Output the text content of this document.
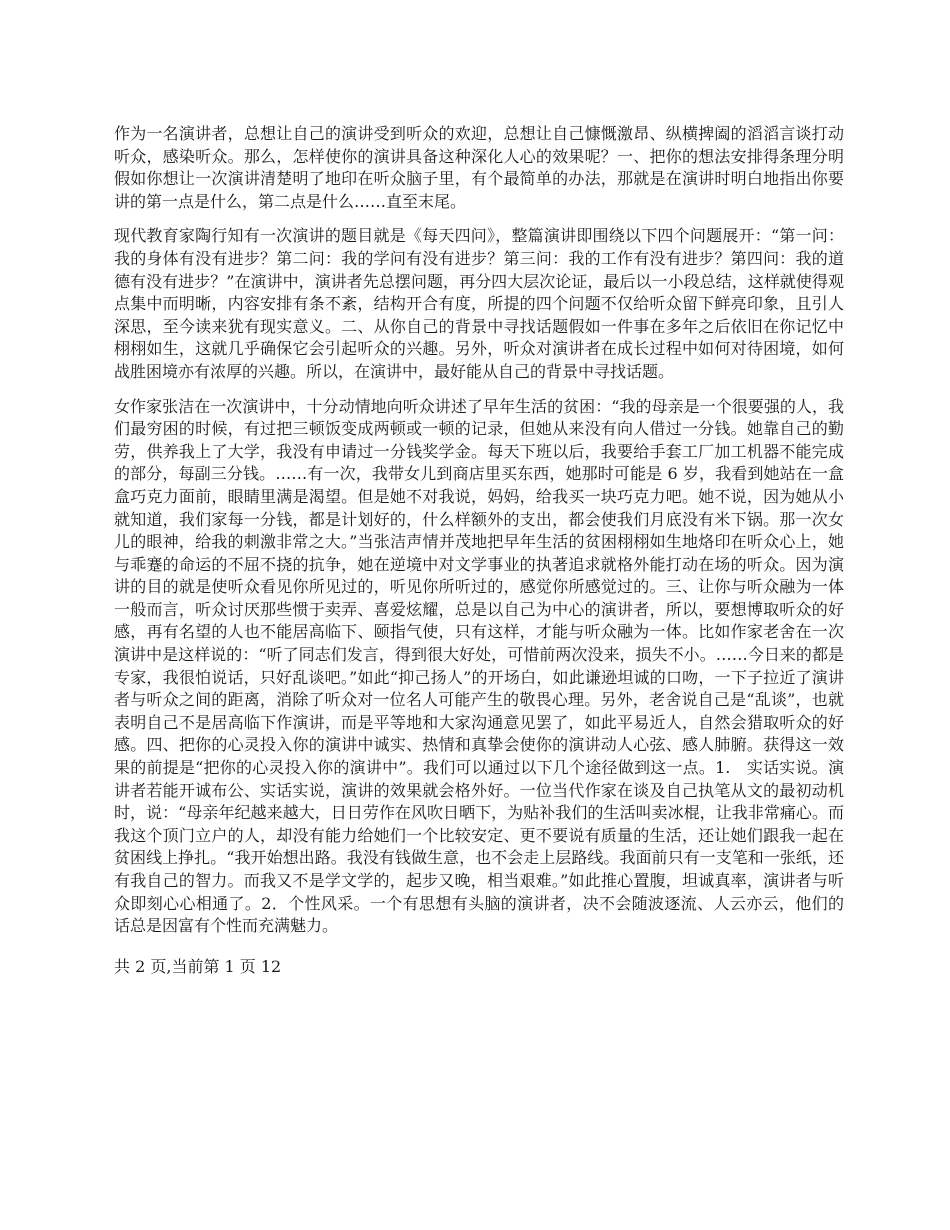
作为一名演讲者，总想让自己的演讲受到听众的欢迎，总想让自己慷慨激昂、纵横捭阖的滔滔言谈打动听众，感染听众。那么，怎样使你的演讲具备这种深化人心的效果呢？一、把你的想法安排得条理分明假如你想让一次演讲清楚明了地印在听众脑子里，有个最简单的办法，那就是在演讲时明白地指出你要讲的第一点是什么，第二点是什么……直至末尾。

现代教育家陶行知有一次演讲的题目就是《每天四问》，整篇演讲即围绕以下四个问题展开：“第一问：我的身体有没有进步？第二问：我的学问有没有进步？第三问：我的工作有没有进步？第四问：我的道德有没有进步？”在演讲中，演讲者先总摆问题，再分四大层次论证，最后以一小段总结，这样就使得观点集中而明晰，内容安排有条不紊，结构开合有度，所提的四个问题不仅给听众留下鲜亮印象，且引人深思，至今读来犹有现实意义。二、从你自己的背景中寻找话题假如一件事在多年之后依旧在你记忆中栩栩如生，这就几乎确保它会引起听众的兴趣。另外，听众对演讲者在成长过程中如何对待困境，如何战胜困境亦有浓厚的兴趣。所以，在演讲中，最好能从自己的背景中寻找话题。

女作家张洁在一次演讲中，十分动情地向听众讲述了早年生活的贫困：“我的母亲是一个很要强的人，我们最穷困的时候，有过把三顿饭变成两顿或一顿的记录，但她从来没有向人借过一分钱。她靠自己的勤劳，供养我上了大学，我没有申请过一分钱奖学金。每天下班以后，我要给手套工厂加工机器不能完成的部分，每副三分钱。……有一次，我带女儿到商店里买东西，她那时可能是 6 岁，我看到她站在一盒盒巧克力面前，眼睛里满是渴望。但是她不对我说，妈妈，给我买一块巧克力吧。她不说，因为她从小就知道，我们家每一分钱，都是计划好的，什么样额外的支出，都会使我们月底没有米下锅。那一次女儿的眼神，给我的刺激非常之大。”当张洁声情并茂地把早年生活的贫困栩栩如生地烙印在听众心上，她与乖蹇的命运的不屈不挠的抗争，她在逆境中对文学事业的执著追求就格外能打动在场的听众。因为演讲的目的就是使听众看见你所见过的，听见你所听过的，感觉你所感觉过的。三、让你与听众融为一体一般而言，听众讨厌那些惯于卖弄、喜爱炫耀，总是以自己为中心的演讲者，所以，要想博取听众的好感，再有名望的人也不能居高临下、颐指气使，只有这样，才能与听众融为一体。比如作家老舍在一次演讲中是这样说的：“听了同志们发言，得到很大好处，可惜前两次没来，损失不小。……今日来的都是专家，我很怕说话，只好乱谈吧。”如此“抑己扬人”的开场白，如此谦逊坦诚的口吻，一下子拉近了演讲者与听众之间的距离，消除了听众对一位名人可能产生的敬畏心理。另外，老舍说自己是“乱谈”，也就表明自己不是居高临下作演讲，而是平等地和大家沟通意见罢了，如此平易近人，自然会猎取听众的好感。四、把你的心灵投入你的演讲中诚实、热情和真挚会使你的演讲动人心弦、感人肺腑。获得这一效果的前提是“把你的心灵投入你的演讲中”。我们可以通过以下几个途径做到这一点。1.　实话实说。演讲者若能开诚布公、实话实说，演讲的效果就会格外好。一位当代作家在谈及自己执笔从文的最初动机时，说：“母亲年纪越来越大，日日劳作在风吹日晒下，为贴补我们的生活叫卖冰棍，让我非常痛心。而我这个顶门立户的人，却没有能力给她们一个比较安定、更不要说有质量的生活，还让她们跟我一起在贫困线上挣扎。“我开始想出路。我没有钱做生意，也不会走上层路线。我面前只有一支笔和一张纸，还有我自己的智力。而我又不是学文学的，起步又晚，相当艰难。”如此推心置腹，坦诚真率，演讲者与听众即刻心心相通了。2．个性风采。一个有思想有头脑的演讲者，决不会随波逐流、人云亦云，他们的话总是因富有个性而充满魅力。

共 2 页,当前第 1 页 12
